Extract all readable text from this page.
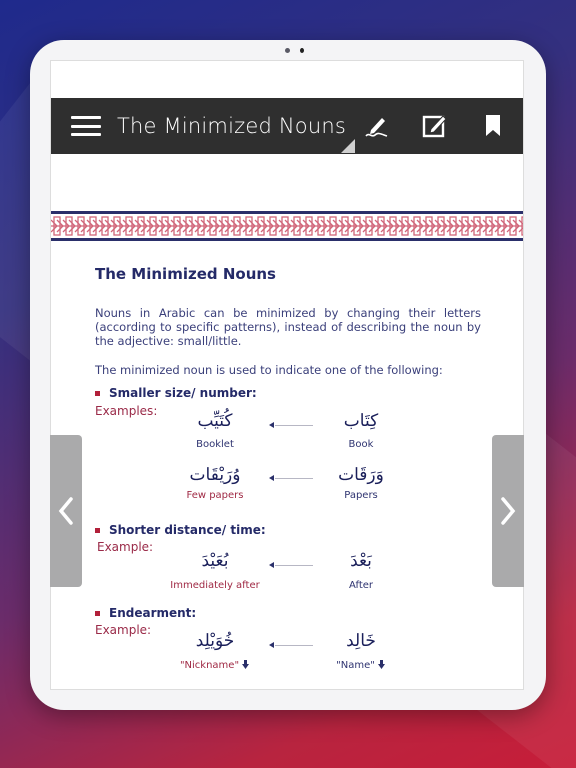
The Minimized Nouns
The Minimized Nouns
Nouns in Arabic can be minimized by changing their letters (according to specific patterns), instead of describing the noun by the adjective: small/little.
The minimized noun is used to indicate one of the following:
Smaller size/ number:
Examples:	كُتَيِّب
Booklet
كِتَاب
Book
وُرَيْقَات
Few papers
وَرَقَات
Papers
Shorter distance/ time:
Example:
بُعَيْدَ
Immediately after
بَعْدَ
After
Endearment:
Example:
خُوَيْلِد
"Nickname"
خَالِد
"Name"
